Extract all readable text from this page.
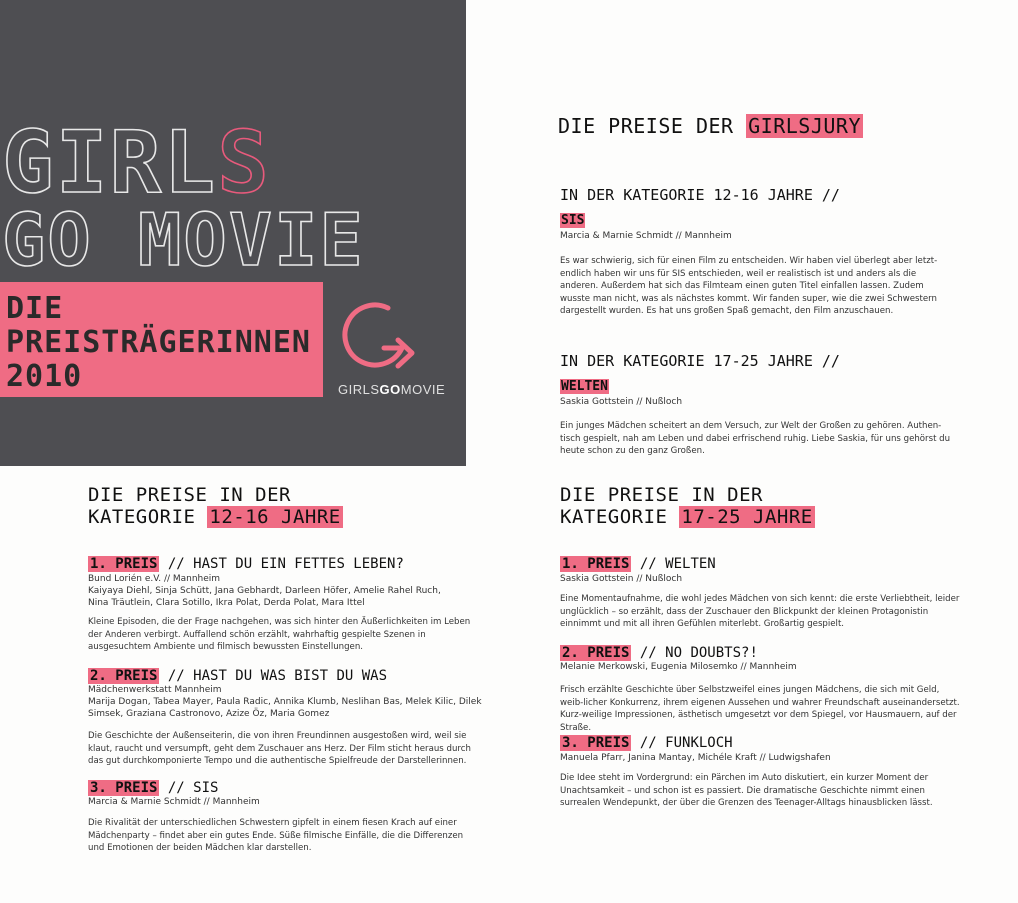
GIRLS
GO MOVIE
DIE
PREISTRÄGERINNEN
2010	GIRLSGOMOVIE
DIE PREISE DER GIRLSJURY
IN DER KATEGORIE 12-16 JAHRE //
SIS
Marcia & Marnie Schmidt // Mannheim
Es war schwierig, sich für einen Film zu entscheiden. Wir haben viel überlegt aber letzt-endlich haben wir uns für SIS entschieden, weil er realistisch ist und anders als die anderen. Außerdem hat sich das Filmteam einen guten Titel einfallen lassen. Zudem wusste man nicht, was als nächstes kommt. Wir fanden super, wie die zwei Schwestern dargestellt wurden. Es hat uns großen Spaß gemacht, den Film anzuschauen.
IN DER KATEGORIE 17-25 JAHRE //
WELTEN
Saskia Gottstein // Nußloch
Ein junges Mädchen scheitert an dem Versuch, zur Welt der Großen zu gehören. Authen-tisch gespielt, nah am Leben und dabei erfrischend ruhig. Liebe Saskia, für uns gehörst du heute schon zu den ganz Großen.
DIE PREISE IN DER
KATEGORIE 12-16 JAHRE
1. PREIS // HAST DU EIN FETTES LEBEN?
Bund Lorién e.V. // Mannheim
Kaiyaya Diehl, Sinja Schütt, Jana Gebhardt, Darleen Höfer, Amelie Rahel Ruch,
Nina Träutlein, Clara Sotillo, Ikra Polat, Derda Polat, Mara Ittel
Kleine Episoden, die der Frage nachgehen, was sich hinter den Äußerlichkeiten im Leben der Anderen verbirgt. Auffallend schön erzählt, wahrhaftig gespielte Szenen in ausgesuchtem Ambiente und filmisch bewussten Einstellungen.
2. PREIS // HAST DU WAS BIST DU WAS
Mädchenwerkstatt Mannheim
Marija Dogan, Tabea Mayer, Paula Radic, Annika Klumb, Neslihan Bas, Melek Kilic, Dilek
Simsek, Graziana Castronovo, Azize Öz, Maria Gomez
Die Geschichte der Außenseiterin, die von ihren Freundinnen ausgestoßen wird, weil sie klaut, raucht und versumpft, geht dem Zuschauer ans Herz. Der Film sticht heraus durch das gut durchkomponierte Tempo und die authentische Spielfreude der Darstellerinnen.
3. PREIS // SIS
Marcia & Marnie Schmidt // Mannheim
Die Rivalität der unterschiedlichen Schwestern gipfelt in einem fiesen Krach auf einer Mädchenparty – findet aber ein gutes Ende. Süße filmische Einfälle, die die Differenzen und Emotionen der beiden Mädchen klar darstellen.
DIE PREISE IN DER
KATEGORIE 17-25 JAHRE
1. PREIS // WELTEN
Saskia Gottstein // Nußloch
Eine Momentaufnahme, die wohl jedes Mädchen von sich kennt: die erste Verliebtheit, leider unglücklich – so erzählt, dass der Zuschauer den Blickpunkt der kleinen Protagonistin einnimmt und mit all ihren Gefühlen miterlebt. Großartig gespielt.
2. PREIS // NO DOUBTS?!
Melanie Merkowski, Eugenia Milosemko // Mannheim
Frisch erzählte Geschichte über Selbstzweifel eines jungen Mädchens, die sich mit Geld, weib-licher Konkurrenz, ihrem eigenen Aussehen und wahrer Freundschaft auseinandersetzt. Kurz-weilige Impressionen, ästhetisch umgesetzt vor dem Spiegel, vor Hausmauern, auf der Straße.
3. PREIS // FUNKLOCH
Manuela Pfarr, Janina Mantay, Michéle Kraft // Ludwigshafen
Die Idee steht im Vordergrund: ein Pärchen im Auto diskutiert, ein kurzer Moment der Unachtsamkeit – und schon ist es passiert. Die dramatische Geschichte nimmt einen surrealen Wendepunkt, der über die Grenzen des Teenager-Alltags hinausblicken lässt.
